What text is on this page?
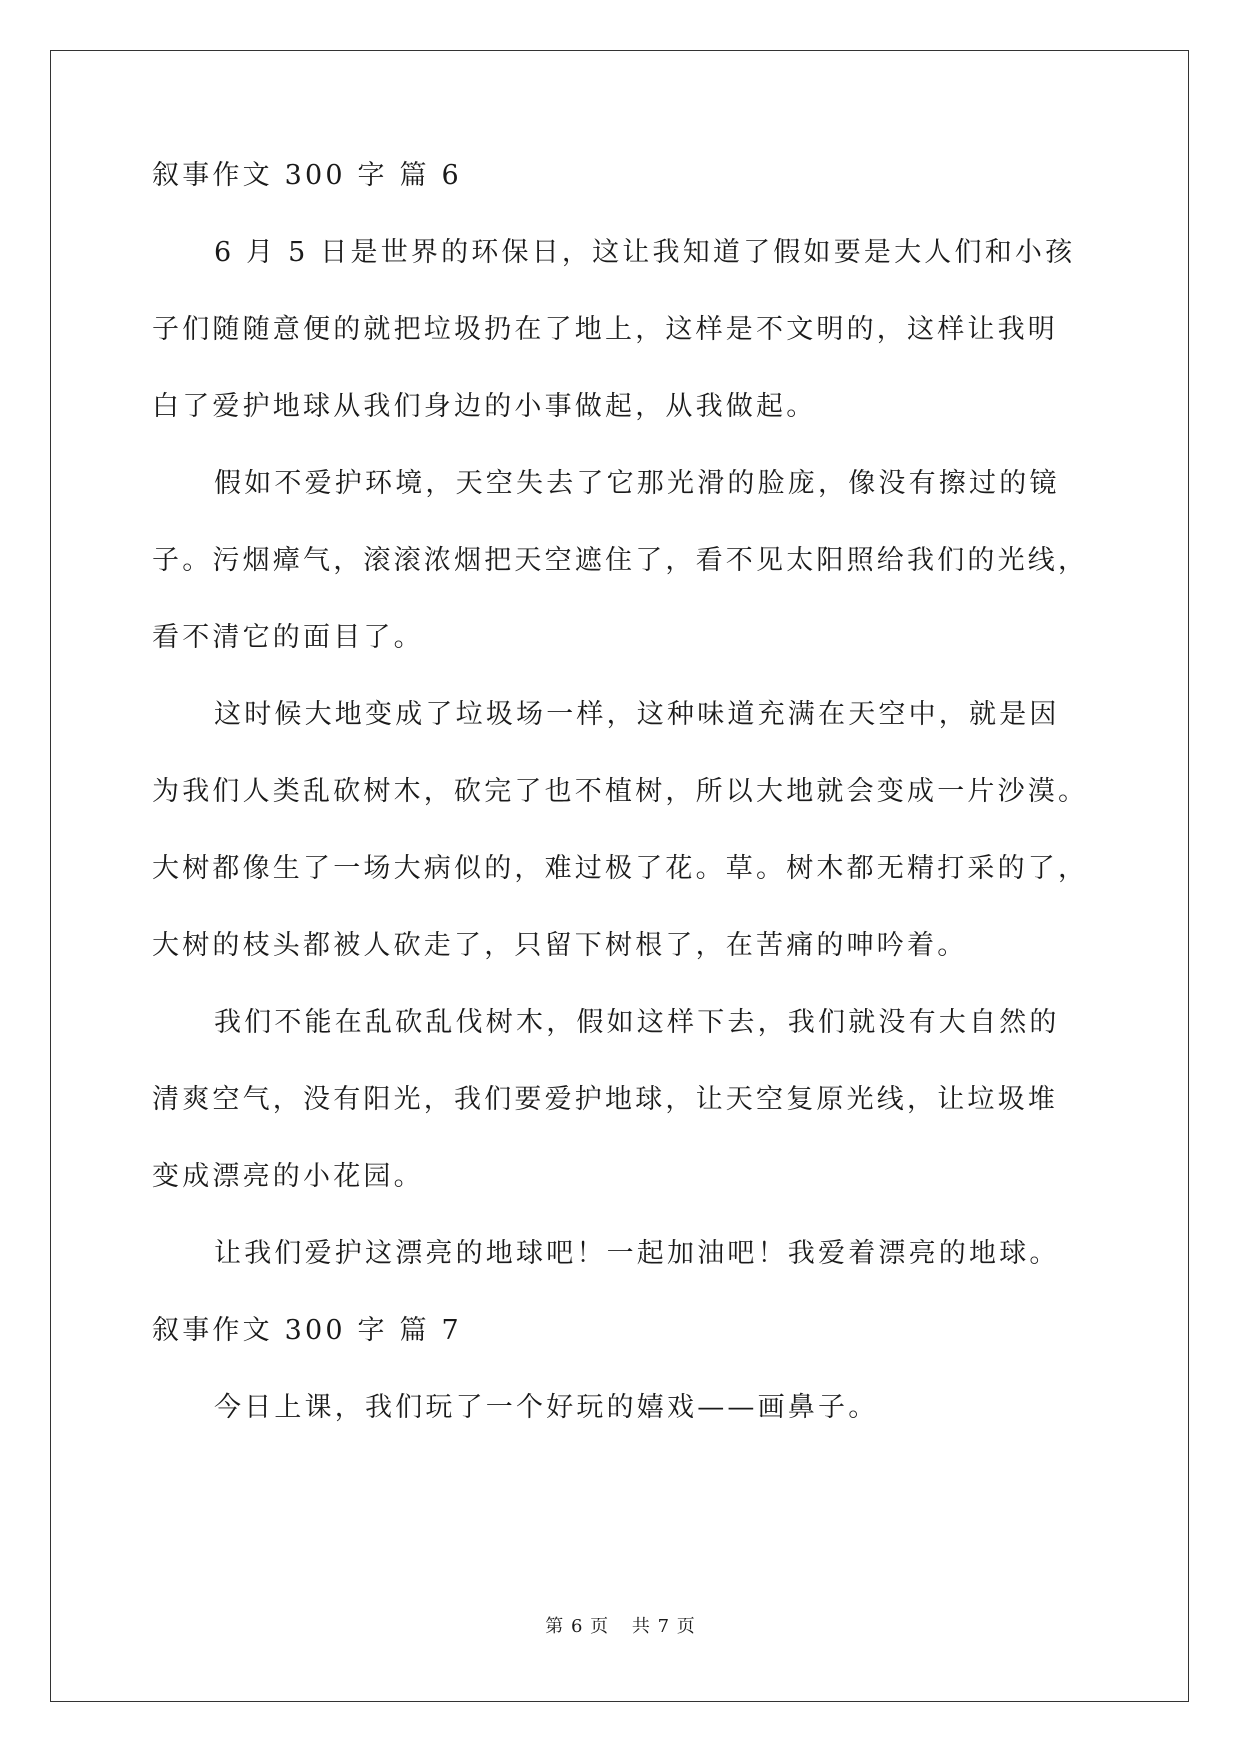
叙事作文 300 字 篇 6

6 月 5 日是世界的环保日，这让我知道了假如要是大人们和小孩

子们随随意便的就把垃圾扔在了地上，这样是不文明的，这样让我明

白了爱护地球从我们身边的小事做起，从我做起。

假如不爱护环境，天空失去了它那光滑的脸庞，像没有擦过的镜

子。污烟瘴气，滚滚浓烟把天空遮住了，看不见太阳照给我们的光线，

看不清它的面目了。

这时候大地变成了垃圾场一样，这种味道充满在天空中，就是因

为我们人类乱砍树木，砍完了也不植树，所以大地就会变成一片沙漠。

大树都像生了一场大病似的，难过极了花。草。树木都无精打采的了，

大树的枝头都被人砍走了，只留下树根了，在苦痛的呻吟着。

我们不能在乱砍乱伐树木，假如这样下去，我们就没有大自然的

清爽空气，没有阳光，我们要爱护地球，让天空复原光线，让垃圾堆

变成漂亮的小花园。

让我们爱护这漂亮的地球吧！一起加油吧！我爱着漂亮的地球。

叙事作文 300 字 篇 7

今日上课，我们玩了一个好玩的嬉戏——画鼻子。

第 6 页 共 7 页
